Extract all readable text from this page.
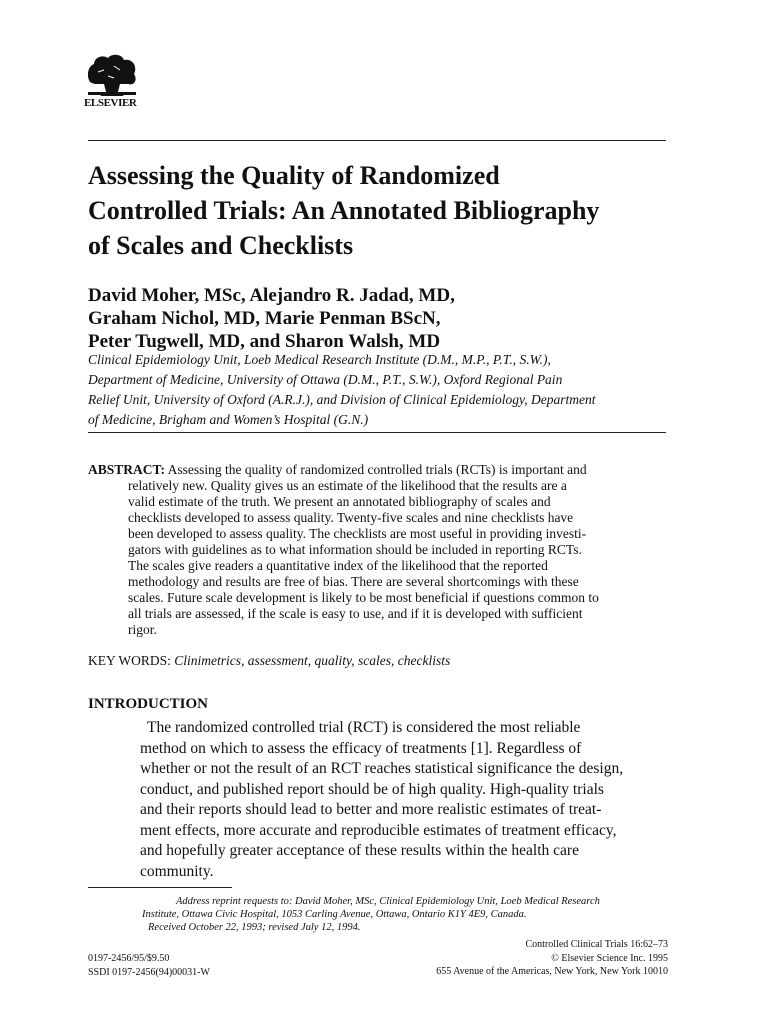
ELSEVIER
Assessing the Quality of Randomized
Controlled Trials: An Annotated Bibliography
of Scales and Checklists
David Moher, MSc, Alejandro R. Jadad, MD,
Graham Nichol, MD, Marie Penman BScN,
Peter Tugwell, MD, and Sharon Walsh, MD
Clinical Epidemiology Unit, Loeb Medical Research Institute (D.M., M.P., P.T., S.W.),
Department of Medicine, University of Ottawa (D.M., P.T., S.W.), Oxford Regional Pain
Relief Unit, University of Oxford (A.R.J.), and Division of Clinical Epidemiology, Department
of Medicine, Brigham and Women’s Hospital (G.N.)
ABSTRACT: Assessing the quality of randomized controlled trials (RCTs) is important and
relatively new. Quality gives us an estimate of the likelihood that the results are a
valid estimate of the truth. We present an annotated bibliography of scales and
checklists developed to assess quality. Twenty-five scales and nine checklists have
been developed to assess quality. The checklists are most useful in providing investi-
gators with guidelines as to what information should be included in reporting RCTs.
The scales give readers a quantitative index of the likelihood that the reported
methodology and results are free of bias. There are several shortcomings with these
scales. Future scale development is likely to be most beneficial if questions common to
all trials are assessed, if the scale is easy to use, and if it is developed with sufficient
rigor.
KEY WORDS: Clinimetrics, assessment, quality, scales, checklists
INTRODUCTION
The randomized controlled trial (RCT) is considered the most reliable
method on which to assess the efficacy of treatments [1]. Regardless of
whether or not the result of an RCT reaches statistical significance the design,
conduct, and published report should be of high quality. High-quality trials
and their reports should lead to better and more realistic estimates of treat-
ment effects, more accurate and reproducible estimates of treatment efficacy,
and hopefully greater acceptance of these results within the health care
community.
Address reprint requests to: David Moher, MSc, Clinical Epidemiology Unit, Loeb Medical Research
Institute, Ottawa Civic Hospital, 1053 Carling Avenue, Ottawa, Ontario K1Y 4E9, Canada.
Received October 22, 1993; revised July 12, 1994.
0197-2456/95/$9.50
SSDI 0197-2456(94)00031-W
Controlled Clinical Trials 16:62–73
© Elsevier Science Inc. 1995
655 Avenue of the Americas, New York, New York 10010
